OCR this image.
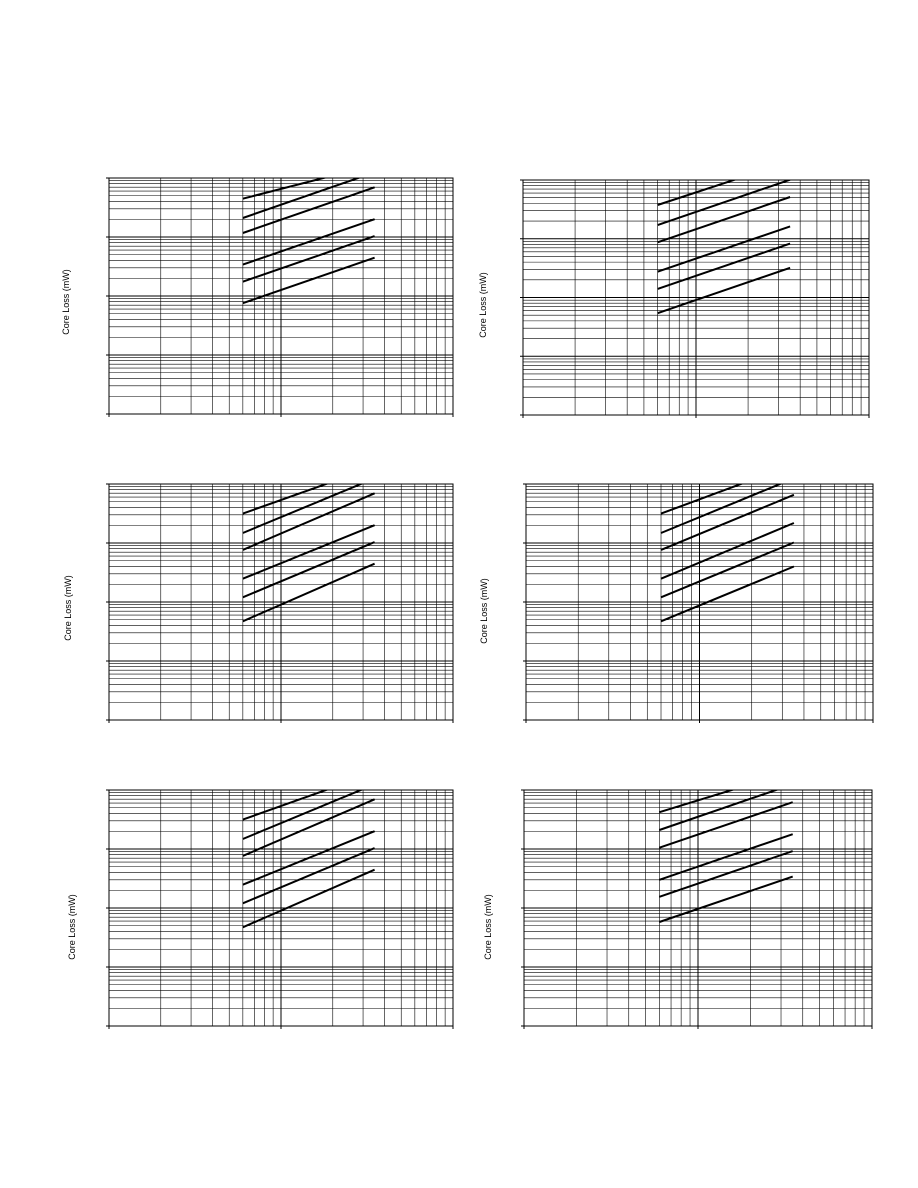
Core Loss (mW)	Core Loss (mW)
Core Loss (mW)	Core Loss (mW)
Core Loss (mW)	Core Loss (mW)
